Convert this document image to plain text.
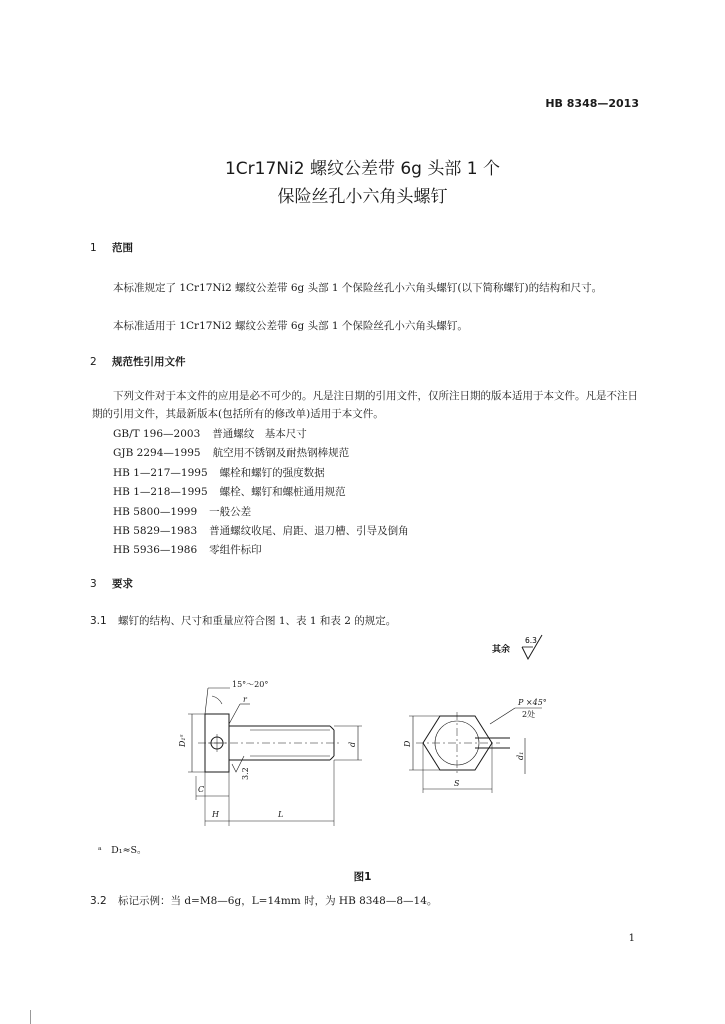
HB 8348—2013
1Cr17Ni2 螺纹公差带 6g 头部 1 个
保险丝孔小六角头螺钉
1 范围
本标准规定了 1Cr17Ni2 螺纹公差带 6g 头部 1 个保险丝孔小六角头螺钉(以下简称螺钉)的结构和尺寸。
本标准适用于 1Cr17Ni2 螺纹公差带 6g 头部 1 个保险丝孔小六角头螺钉。
2 规范性引用文件
下列文件对于本文件的应用是必不可少的。凡是注日期的引用文件，仅所注日期的版本适用于本文件。凡是不注日期的引用文件，其最新版本(包括所有的修改单)适用于本文件。
GB/T 196—2003 普通螺纹　基本尺寸
GJB 2294—1995 航空用不锈钢及耐热钢棒规范
HB 1—217—1995 螺栓和螺钉的强度数据
HB 1—218—1995 螺栓、螺钉和螺桩通用规范
HB 5800—1999 一般公差
HB 5829—1983 普通螺纹收尾、肩距、退刀槽、引导及倒角
HB 5936—1986 零组件标印
3 要求
3.1 螺钉的结构、尺寸和重量应符合图 1、表 1 和表 2 的规定。
其余
6.3
15°～20°
r
D₁ᵃ	d
3.2
C
H	L
P ×45°
2处
D
d₁
S
ᵃ　D₁≈S。
图1
3.2 标记示例：当 d=M8—6g，L=14mm 时，为 HB 8348—8—14。
1
